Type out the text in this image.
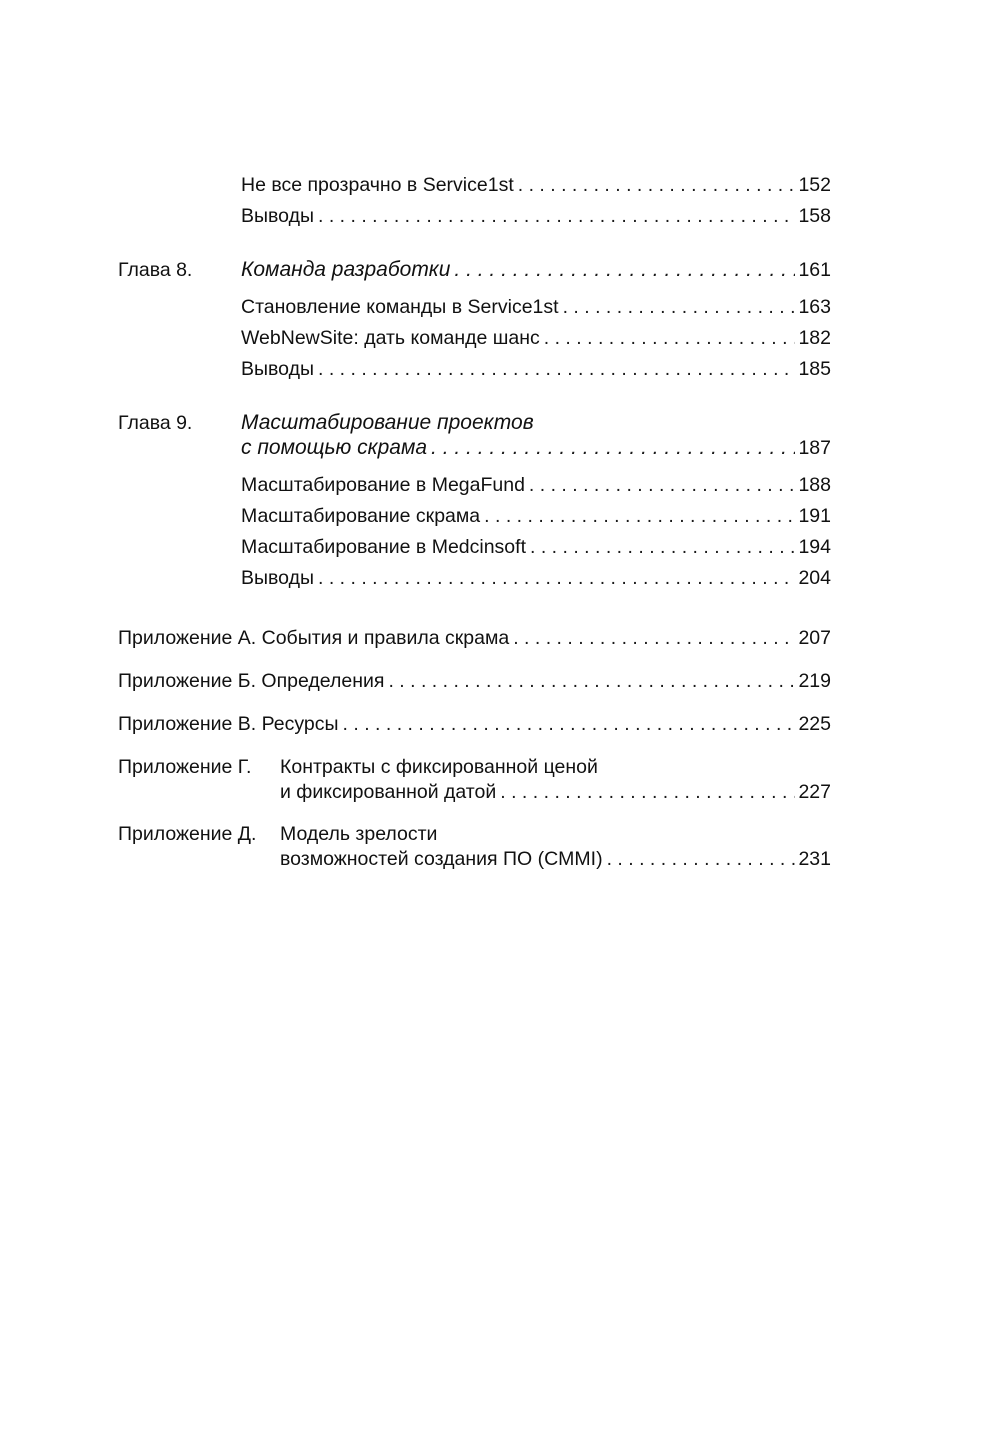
Не все прозрачно в Service1st . . .	152
Выводы . . .	158
Глава 8. Команда разработки . . .	161
Становление команды в Service1st . . .	163
WebNewSite: дать команде шанс . . .	182
Выводы . . .	185
Глава 9. Масштабирование проектов
с помощью скрама . . .	187
Масштабирование в MegaFund . . .	188
Масштабирование скрама . . .	191
Масштабирование в Medcinsoft . . .	194
Выводы . . .	204
Приложение А. События и правила скрама . . .	207
Приложение Б. Определения . . .	219
Приложение В. Ресурсы . . .	225
Приложение Г. Контракты с фиксированной ценой
и фиксированной датой . . .	227
Приложение Д. Модель зрелости
возможностей создания ПО (CMMI) . . .	231
